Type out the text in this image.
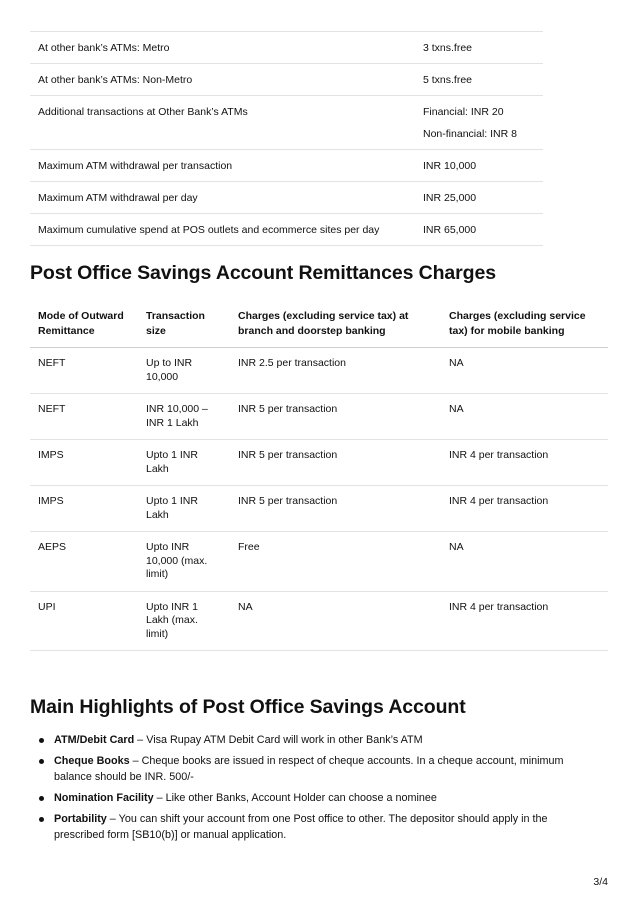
At other bank’s ATMs: Metro	3 txns.free
At other bank’s ATMs: Non-Metro	5 txns.free
Additional transactions at Other Bank’s ATMs	Financial: INR 20
Non-financial: INR 8

Maximum ATM withdrawal per transaction	INR 10,000
Maximum ATM withdrawal per day	INR 25,000
Maximum cumulative spend at POS outlets and ecommerce sites per day	INR 65,000
Post Office Savings Account Remittances Charges
Mode of Outward Remittance	Transaction size	Charges (excluding service tax) at branch and doorstep banking	Charges (excluding service tax) for mobile banking
NEFT	Up to INR 10,000	INR 2.5 per transaction	NA
NEFT	INR 10,000 – INR 1 Lakh	INR 5 per transaction	NA
IMPS	Upto 1 INR Lakh	INR 5 per transaction	INR 4 per transaction
IMPS	Upto 1 INR Lakh	INR 5 per transaction	INR 4 per transaction
AEPS	Upto INR 10,000 (max. limit)	Free	NA
UPI	Upto INR 1 Lakh (max. limit)	NA	INR 4 per transaction
Main Highlights of Post Office Savings Account
ATM/Debit Card – Visa Rupay ATM Debit Card will work in other Bank’s ATM
Cheque Books – Cheque books are issued in respect of cheque accounts. In a cheque account, minimum balance should be INR. 500/-
Nomination Facility – Like other Banks, Account Holder can choose a nominee
Portability – You can shift your account from one Post office to other. The depositor should apply in the prescribed form [SB10(b)] or manual application.
3/4
